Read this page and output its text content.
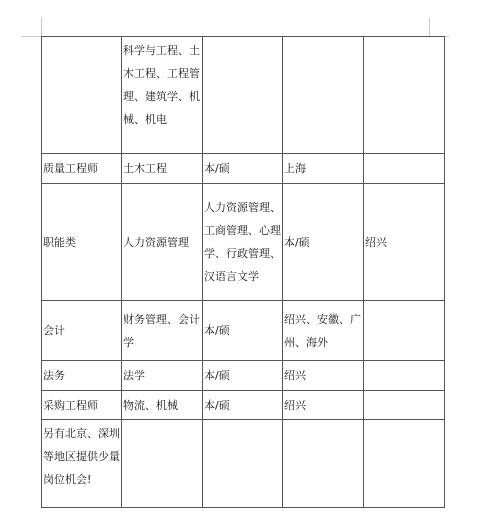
	科学与工程、土木工程、工程管理、建筑学、机械、机电			
质量工程师	土木工程	本/硕	上海	
职能类	人力资源管理	人力资源管理、工商管理、心理学、行政管理、汉语言文学	本/硕	绍兴
会计	财务管理、会计学	本/硕	绍兴、安徽、广州、海外	
法务	法学	本/硕	绍兴	
采购工程师	物流、机械	本/硕	绍兴	
另有北京、深圳等地区提供少量岗位机会!				
